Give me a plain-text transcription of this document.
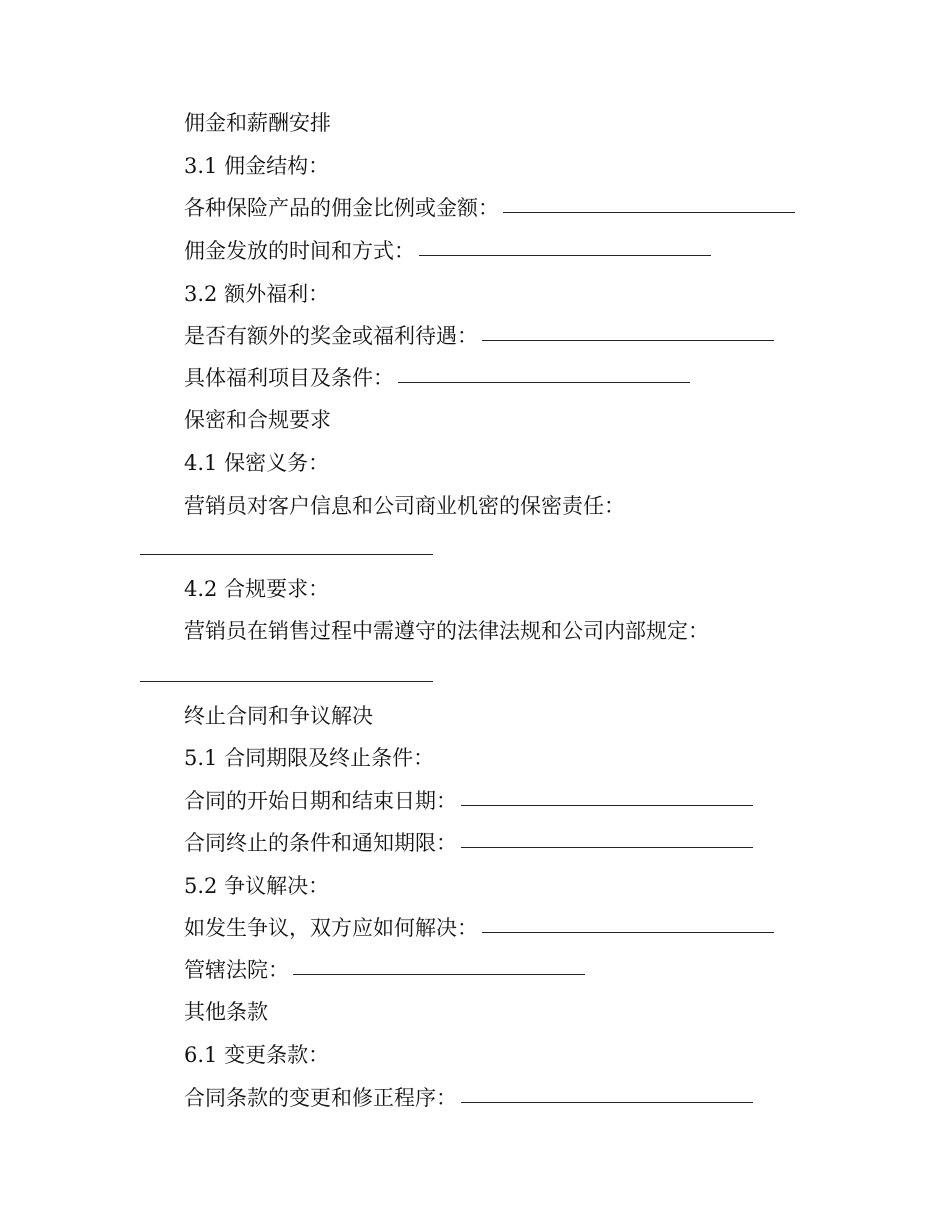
佣金和薪酬安排
3.1 佣金结构：
各种保险产品的佣金比例或金额：
佣金发放的时间和方式：
3.2 额外福利：
是否有额外的奖金或福利待遇：
具体福利项目及条件：
保密和合规要求
4.1 保密义务：
营销员对客户信息和公司商业机密的保密责任：
4.2 合规要求：
营销员在销售过程中需遵守的法律法规和公司内部规定：
终止合同和争议解决
5.1 合同期限及终止条件：
合同的开始日期和结束日期：
合同终止的条件和通知期限：
5.2 争议解决：
如发生争议，双方应如何解决：
管辖法院：
其他条款
6.1 变更条款：
合同条款的变更和修正程序：
